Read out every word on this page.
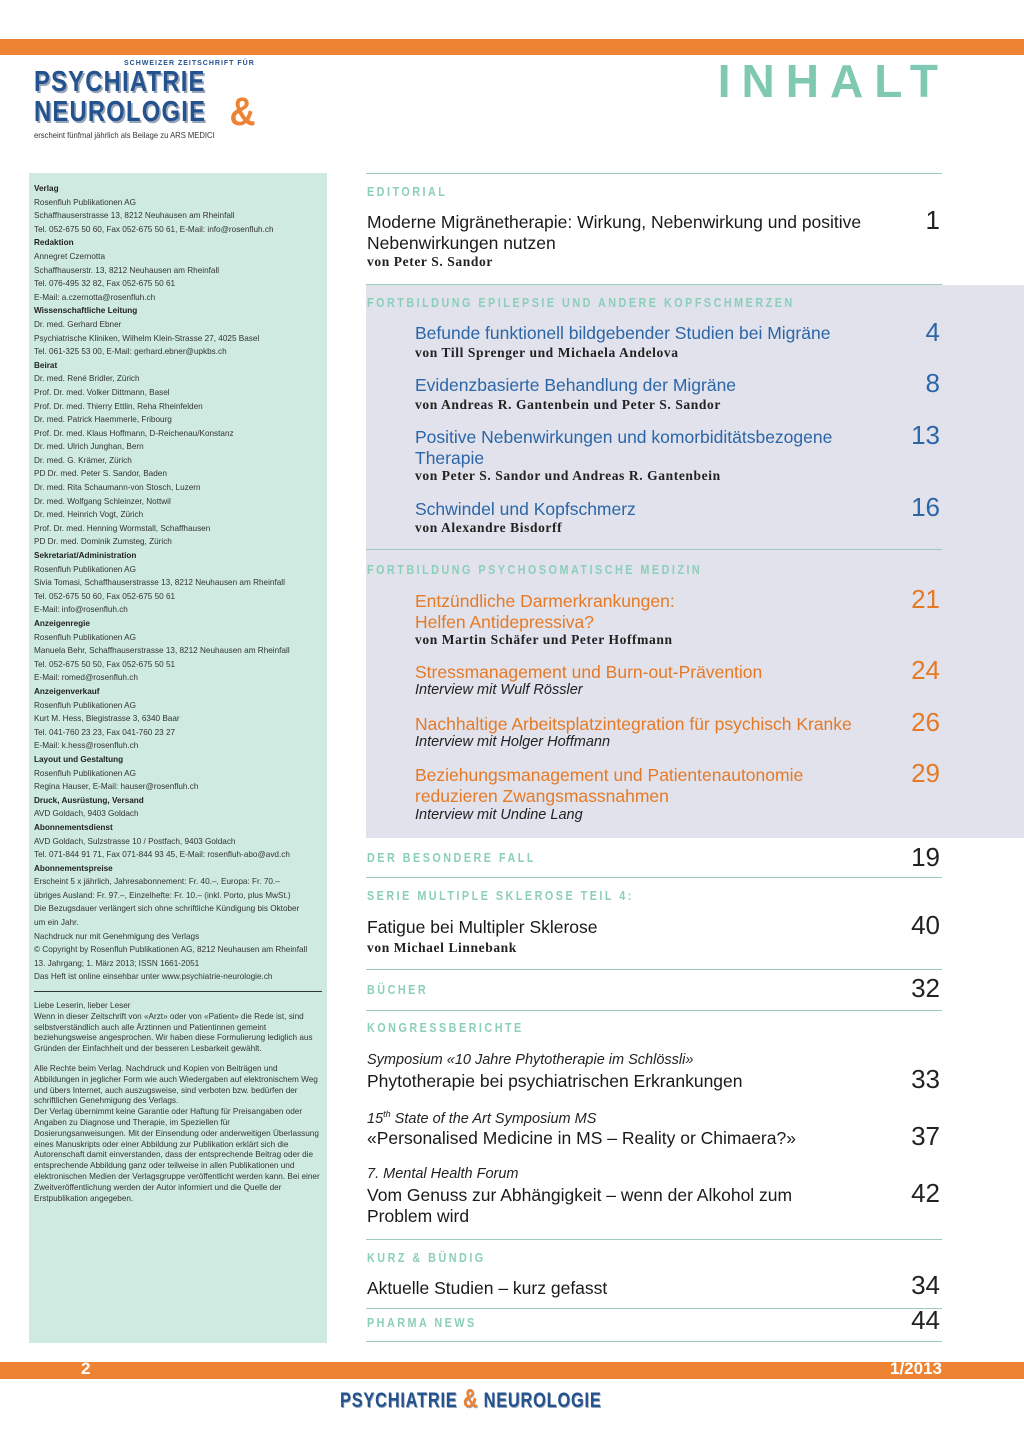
SCHWEIZER ZEITSCHRIFT FÜR
PSYCHIATRIE
NEUROLOGIE &
erscheint fünfmal jährlich als Beilage zu ARS MEDICI
INHALT
Verlag
Rosenfluh Publikationen AG
Schaffhauserstrasse 13, 8212 Neuhausen am Rheinfall
Tel. 052-675 50 60, Fax 052-675 50 61, E-Mail: info@rosenfluh.ch
Redaktion
Annegret Czernotta
Schaffhauserstr. 13, 8212 Neuhausen am Rheinfall
Tel. 076-495 32 82, Fax 052-675 50 61
E-Mail: a.czernotta@rosenfluh.ch
Wissenschaftliche Leitung
Dr. med. Gerhard Ebner
Psychiatrische Kliniken, Wilhelm Klein-Strasse 27, 4025 Basel
Tel. 061-325 53 00, E-Mail: gerhard.ebner@upkbs.ch
Beirat
Dr. med. René Bridler, Zürich
Prof. Dr. med. Volker Dittmann, Basel
Prof. Dr. med. Thierry Ettlin, Reha Rheinfelden
Dr. med. Patrick Haemmerle, Fribourg
Prof. Dr. med. Klaus Hoffmann, D-Reichenau/Konstanz
Dr. med. Ulrich Junghan, Bern
Dr. med. G. Krämer, Zürich
PD Dr. med. Peter S. Sandor, Baden
Dr. med. Rita Schaumann-von Stosch, Luzern
Dr. med. Wolfgang Schleinzer, Nottwil
Dr. med. Heinrich Vogt, Zürich
Prof. Dr. med. Henning Wormstall, Schaffhausen
PD Dr. med. Dominik Zumsteg, Zürich
Sekretariat/Administration
Rosenfluh Publikationen AG
Sivia Tomasi, Schaffhauserstrasse 13, 8212 Neuhausen am Rheinfall
Tel. 052-675 50 60, Fax 052-675 50 61
E-Mail: info@rosenfluh.ch
Anzeigenregie
Rosenfluh Publikationen AG
Manuela Behr, Schaffhauserstrasse 13, 8212 Neuhausen am Rheinfall
Tel. 052-675 50 50, Fax 052-675 50 51
E-Mail: romed@rosenfluh.ch
Anzeigenverkauf
Rosenfluh Publikationen AG
Kurt M. Hess, Blegistrasse 3, 6340 Baar
Tel. 041-760 23 23, Fax 041-760 23 27
E-Mail: k.hess@rosenfluh.ch
Layout und Gestaltung
Rosenfluh Publikationen AG
Regina Hauser, E-Mail: hauser@rosenfluh.ch
Druck, Ausrüstung, Versand
AVD Goldach, 9403 Goldach
Abonnementsdienst
AVD Goldach, Sulzstrasse 10 / Postfach, 9403 Goldach
Tel. 071-844 91 71, Fax 071-844 93 45, E-Mail: rosenfluh-abo@avd.ch
Abonnementspreise
Erscheint 5 x jährlich, Jahresabonnement: Fr. 40.–, Europa: Fr. 70.–
übriges Ausland: Fr. 97.–, Einzelhefte: Fr. 10.– (inkl. Porto, plus MwSt.)
Die Bezugsdauer verlängert sich ohne schriftliche Kündigung bis Oktober
um ein Jahr.
Nachdruck nur mit Genehmigung des Verlags
© Copyright by Rosenfluh Publikationen AG, 8212 Neuhausen am Rheinfall
13. Jahrgang; 1. März 2013; ISSN 1661-2051
Das Heft ist online einsehbar unter www.psychiatrie-neurologie.ch
Liebe Leserin, lieber Leser
Wenn in dieser Zeitschrift von «Arzt» oder von «Patient» die Rede ist, sind selbstverständlich auch alle Ärztinnen und Patientinnen gemeint beziehungsweise angesprochen. Wir haben diese Formulierung lediglich aus Gründen der Einfachheit und der besseren Lesbarkeit gewählt.
Alle Rechte beim Verlag. Nachdruck und Kopien von Beiträgen und Abbildungen in jeglicher Form wie auch Wiedergaben auf elektronischem Weg und übers Internet, auch auszugsweise, sind verboten bzw. bedürfen der schriftlichen Genehmigung des Verlags.
Der Verlag übernimmt keine Garantie oder Haftung für Preisangaben oder Angaben zu Diagnose und Therapie, im Speziellen für Dosierungsanweisungen. Mit der Einsendung oder anderweitigen Überlassung eines Manuskripts oder einer Abbildung zur Publikation erklärt sich die Autorenschaft damit einverstanden, dass der entsprechende Beitrag oder die entsprechende Abbildung ganz oder teilweise in allen Publikationen und elektronischen Medien der Verlagsgruppe veröffentlicht werden kann. Bei einer Zweitveröffentlichung werden der Autor informiert und die Quelle der Erstpublikation angegeben.
EDITORIAL
Moderne Migränetherapie: Wirkung, Nebenwirkung und positive Nebenwirkungen nutzen
von Peter S. Sandor
1
FORTBILDUNG EPILEPSIE UND ANDERE KOPFSCHMERZEN
Befunde funktionell bildgebender Studien bei Migräne
von Till Sprenger und Michaela Andelova
4
Evidenzbasierte Behandlung der Migräne
von Andreas R. Gantenbein und Peter S. Sandor
8
Positive Nebenwirkungen und komorbiditätsbezogene Therapie
von Peter S. Sandor und Andreas R. Gantenbein
13
Schwindel und Kopfschmerz
von Alexandre Bisdorff
16
FORTBILDUNG PSYCHOSOMATISCHE MEDIZIN
Entzündliche Darmerkrankungen: Helfen Antidepressiva?
von Martin Schäfer und Peter Hoffmann
21
Stressmanagement und Burn-out-Prävention
Interview mit Wulf Rössler
24
Nachhaltige Arbeitsplatzintegration für psychisch Kranke
Interview mit Holger Hoffmann
26
Beziehungsmanagement und Patientenautonomie reduzieren Zwangsmassnahmen
Interview mit Undine Lang
29
DER BESONDERE FALL	19
SERIE MULTIPLE SKLEROSE TEIL 4:
Fatigue bei Multipler Sklerose
von Michael Linnebank
40
BÜCHER	32
KONGRESSBERICHTE
Symposium «10 Jahre Phytotherapie im Schlössli»
Phytotherapie bei psychiatrischen Erkrankungen	33
15th State of the Art Symposium MS
«Personalised Medicine in MS – Reality or Chimaera?»	37
7. Mental Health Forum
Vom Genuss zur Abhängigkeit – wenn der Alkohol zum Problem wird
42
KURZ & BÜNDIG
Aktuelle Studien – kurz gefasst	34
PHARMA NEWS	44
2	1/2013
PSYCHIATRIE & NEUROLOGIE
